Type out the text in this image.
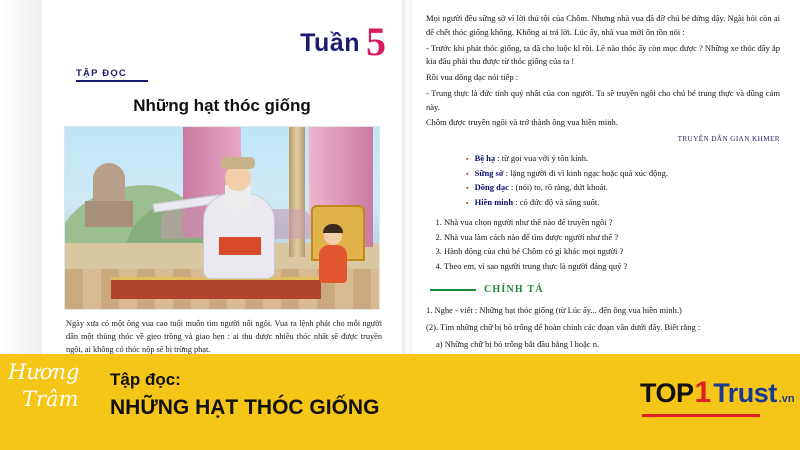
Tuần 5
TẬP ĐỌC
Những hạt thóc giống
Ngày xưa có một ông vua cao tuổi muốn tìm người nối ngôi. Vua ra lệnh phát cho mỗi người dân một thùng thóc về gieo trồng và giao hẹn : ai thu được nhiều thóc nhất sẽ được truyền ngôi, ai không có thóc nộp sẽ bị trừng phạt.

Mọi người đều sững sờ vì lời thú tội của Chôm. Nhưng nhà vua đã đỡ chú bé đứng dậy. Ngài hỏi còn ai để chết thóc giống không. Không ai trả lời. Lúc ấy, nhà vua mới ôn tồn nói :

- Trước khi phát thóc giống, ta đã cho luộc kĩ rồi. Lẽ nào thóc ấy còn mọc được ? Những xe thóc đầy ắp kia đâu phải thu được từ thóc giống của ta !

Rồi vua dõng dạc nói tiếp :

- Trung thực là đức tính quý nhất của con người. Ta sẽ truyền ngôi cho chú bé trung thực và dũng cảm này.

Chôm được truyền ngôi và trở thành ông vua hiền minh.

TRUYỆN DÂN GIAN KHMER
▪ Bệ hạ : từ gọi vua với ý tôn kính.
▪ Sững sờ : lặng người đi vì kinh ngạc hoặc quá xúc động.
▪ Dõng dạc : (nói) to, rõ ràng, dứt khoát.
▪ Hiền minh : có đức độ và sáng suốt.
1. Nhà vua chọn người như thế nào để truyền ngôi ?
2. Nhà vua làm cách nào để tìm được người như thế ?
3. Hành động của chú bé Chôm có gì khác mọi người ?
4. Theo em, vì sao người trung thực là người đáng quý ?
CHÍNH TẢ
1. Nghe - viết : Những hạt thóc giống (từ Lúc ấy... đến ông vua hiền minh.)
(2). Tìm những chữ bị bỏ trống để hoàn chỉnh các đoạn văn dưới đây. Biết rằng :
a) Những chữ bị bỏ trống bắt đầu bằng l hoặc n.
Hương
Trâm
Tập đọc:
NHỮNG HẠT THÓC GIỐNG	TOP 1 Trust .vn
